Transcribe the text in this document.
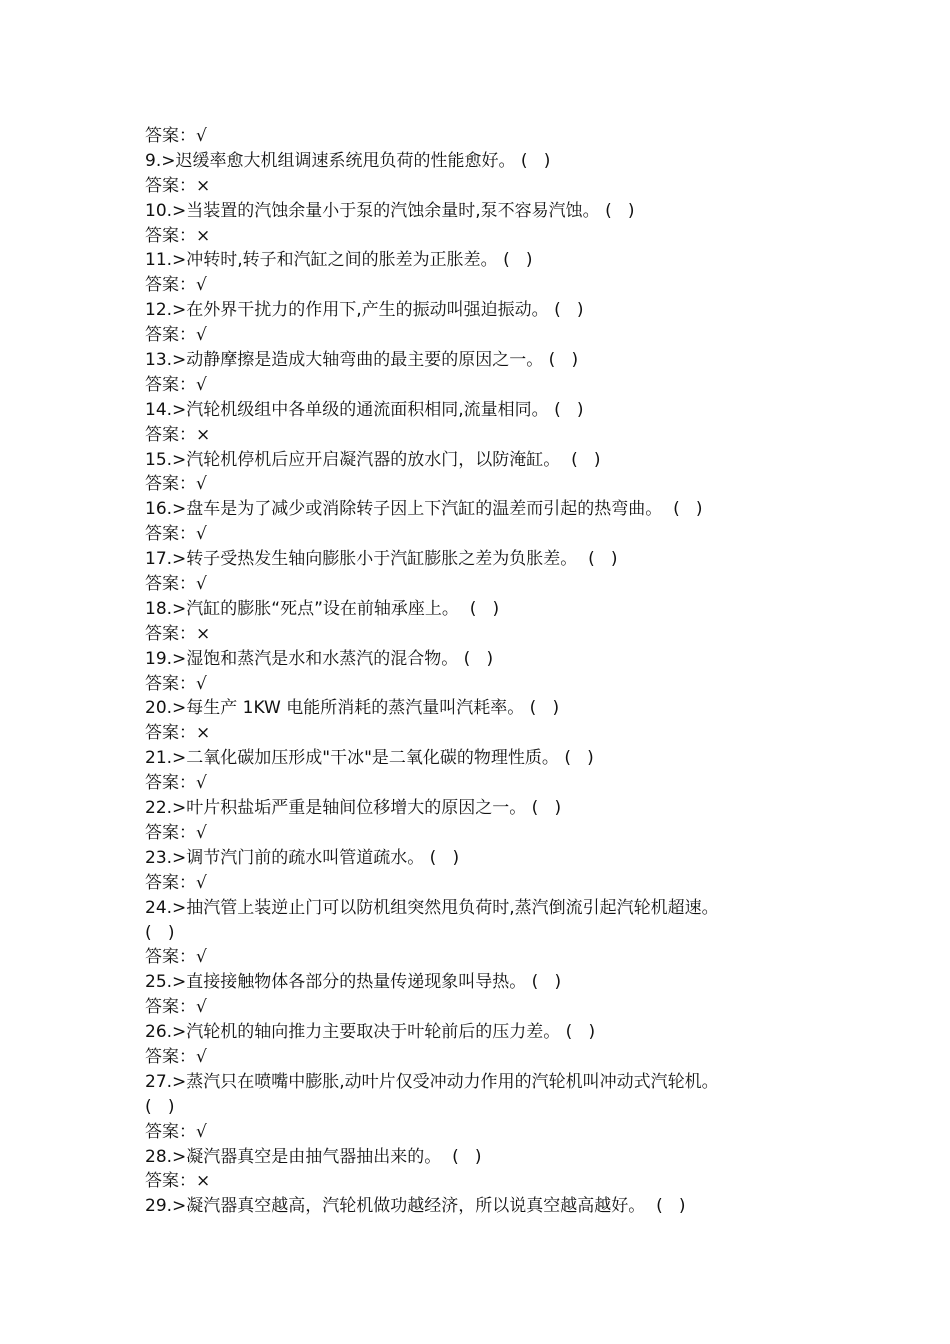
答案：√
9.>迟缓率愈大机组调速系统甩负荷的性能愈好。 (   )
答案：×
10.>当装置的汽蚀余量小于泵的汽蚀余量时,泵不容易汽蚀。 (   )
答案：×
11.>冲转时,转子和汽缸之间的胀差为正胀差。 (   )
答案：√
12.>在外界干扰力的作用下,产生的振动叫强迫振动。 (   )
答案：√
13.>动静摩擦是造成大轴弯曲的最主要的原因之一。 (   )
答案：√
14.>汽轮机级组中各单级的通流面积相同,流量相同。 (   )
答案：×
15.>汽轮机停机后应开启凝汽器的放水门，以防淹缸。  (   )
答案：√
16.>盘车是为了减少或消除转子因上下汽缸的温差而引起的热弯曲。  (   )
答案：√
17.>转子受热发生轴向膨胀小于汽缸膨胀之差为负胀差。  (   )
答案：√
18.>汽缸的膨胀“死点”设在前轴承座上。  (   )
答案：×
19.>湿饱和蒸汽是水和水蒸汽的混合物。 (   )
答案：√
20.>每生产 1KW 电能所消耗的蒸汽量叫汽耗率。 (   )
答案：×
21.>二氧化碳加压形成"干冰"是二氧化碳的物理性质。 (   )
答案：√
22.>叶片积盐垢严重是轴间位移增大的原因之一。 (   )
答案：√
23.>调节汽门前的疏水叫管道疏水。 (   )
答案：√
24.>抽汽管上装逆止门可以防机组突然甩负荷时,蒸汽倒流引起汽轮机超速。
(   )
答案：√
25.>直接接触物体各部分的热量传递现象叫导热。 (   )
答案：√
26.>汽轮机的轴向推力主要取决于叶轮前后的压力差。 (   )
答案：√
27.>蒸汽只在喷嘴中膨胀,动叶片仅受冲动力作用的汽轮机叫冲动式汽轮机。
(   )
答案：√
28.>凝汽器真空是由抽气器抽出来的。  (   )
答案：×
29.>凝汽器真空越高，汽轮机做功越经济，所以说真空越高越好。  (   )
